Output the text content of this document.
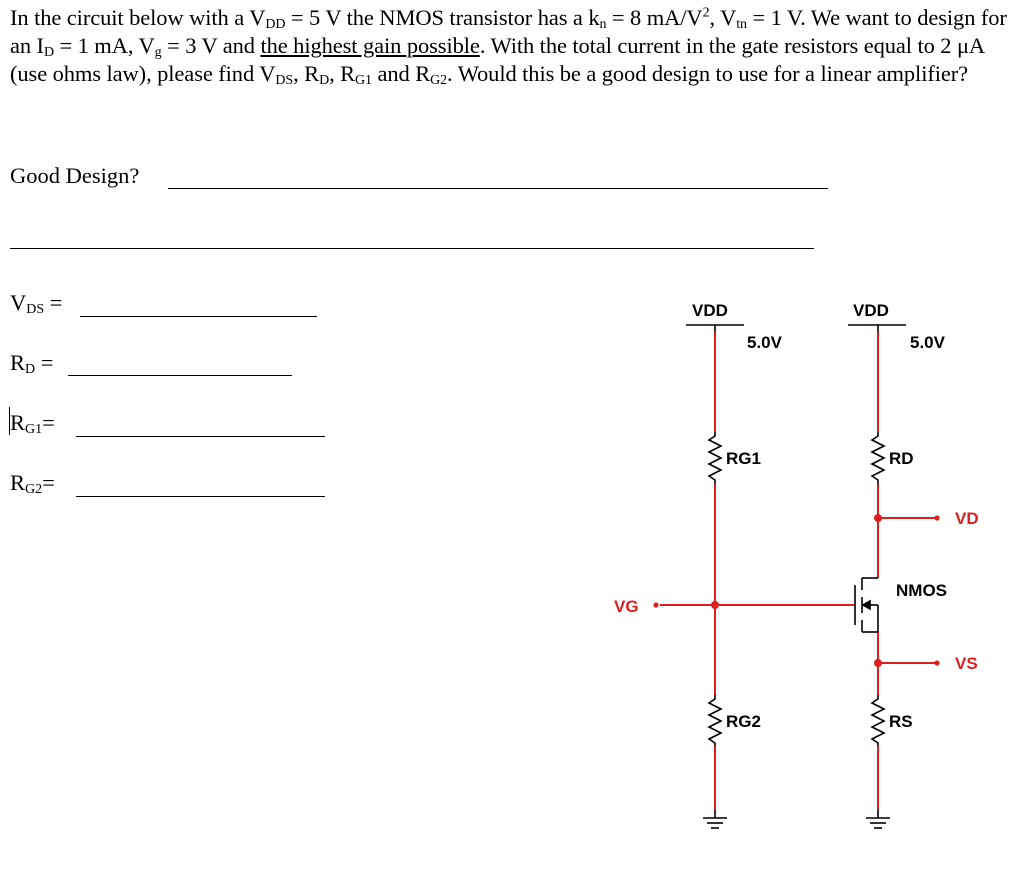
In the circuit below with a $V_{DD} = 5$ V the NMOS transistor has a $k_n = 8$ $mA/V^2$, $V_{tn} = 1$ V. We want to design for an $I_D = 1$ mA, $V_g = 3$ V and the highest gain possible. With the total current in the gate resistors equal to 2 μA (use ohms law), please find $V_{DS}$, $R_D$, $R_{G1}$ and $R_{G2}$. Would this be a good design to use for a linear amplifier?
Good Design?
$V_{DS}$ =
$R_D$ =
$R_{G1}=$
$R_{G2}=$
VDD
5.0V
VDD
5.0V
RG1
RG2
RD
RS
VD
VS
VG
NMOS
